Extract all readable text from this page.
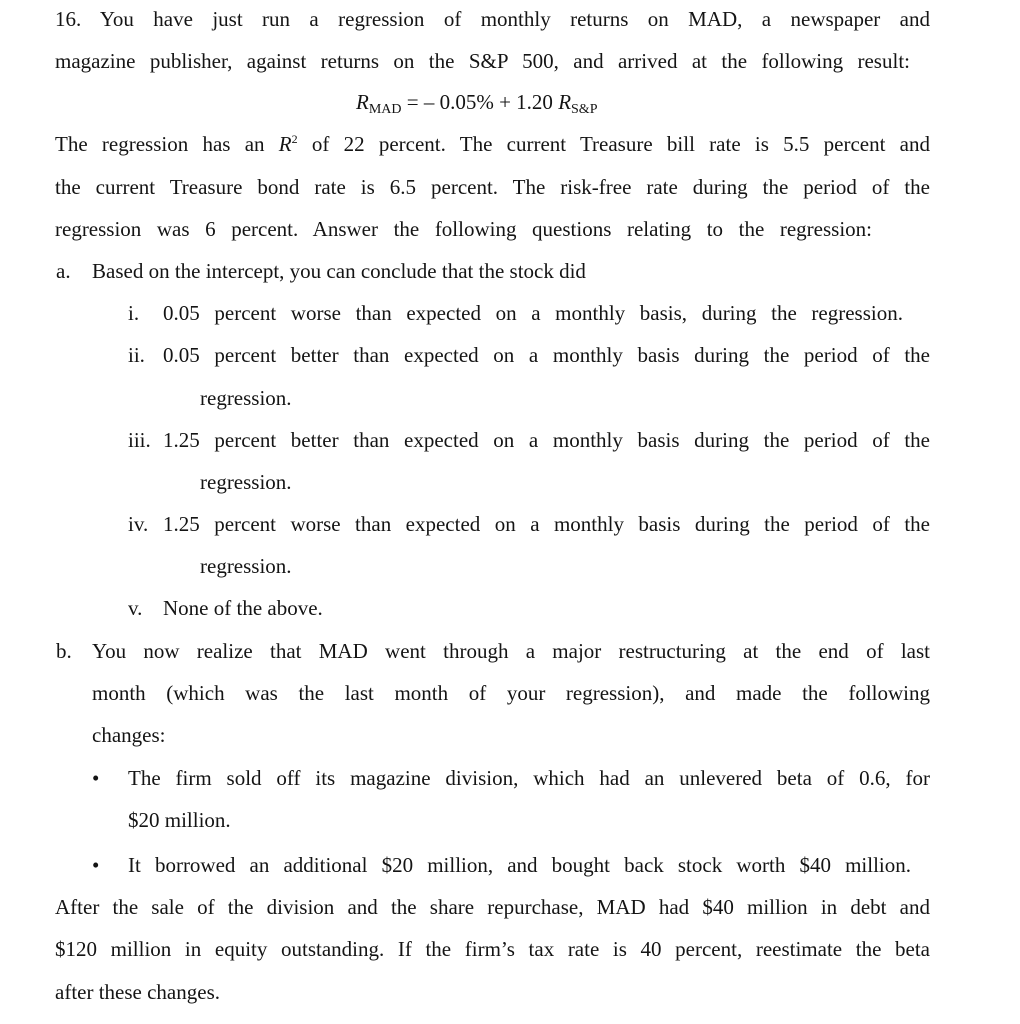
16. You have just run a regression of monthly returns on MAD, a newspaper and
magazine publisher, against returns on the S&P 500, and arrived at the following result:
RMAD = – 0.05% + 1.20 RS&P
The regression has an $R^2$ of 22 percent. The current Treasure bill rate is 5.5 percent and
the current Treasure bond rate is 6.5 percent. The risk-free rate during the period of the
regression was 6 percent. Answer the following questions relating to the regression:
a. Based on the intercept, you can conclude that the stock did
i. 0.05 percent worse than expected on a monthly basis, during the regression.
ii. 0.05 percent better than expected on a monthly basis during the period of the
regression.
iii. 1.25 percent better than expected on a monthly basis during the period of the
regression.
iv. 1.25 percent worse than expected on a monthly basis during the period of the
regression.
v. None of the above.
b. You now realize that MAD went through a major restructuring at the end of last
month (which was the last month of your regression), and made the following
changes:
• The firm sold off its magazine division, which had an unlevered beta of 0.6, for
$20 million.
• It borrowed an additional $20 million, and bought back stock worth $40 million.
After the sale of the division and the share repurchase, MAD had $40 million in debt and
$120 million in equity outstanding. If the firm’s tax rate is 40 percent, reestimate the beta
after these changes.
